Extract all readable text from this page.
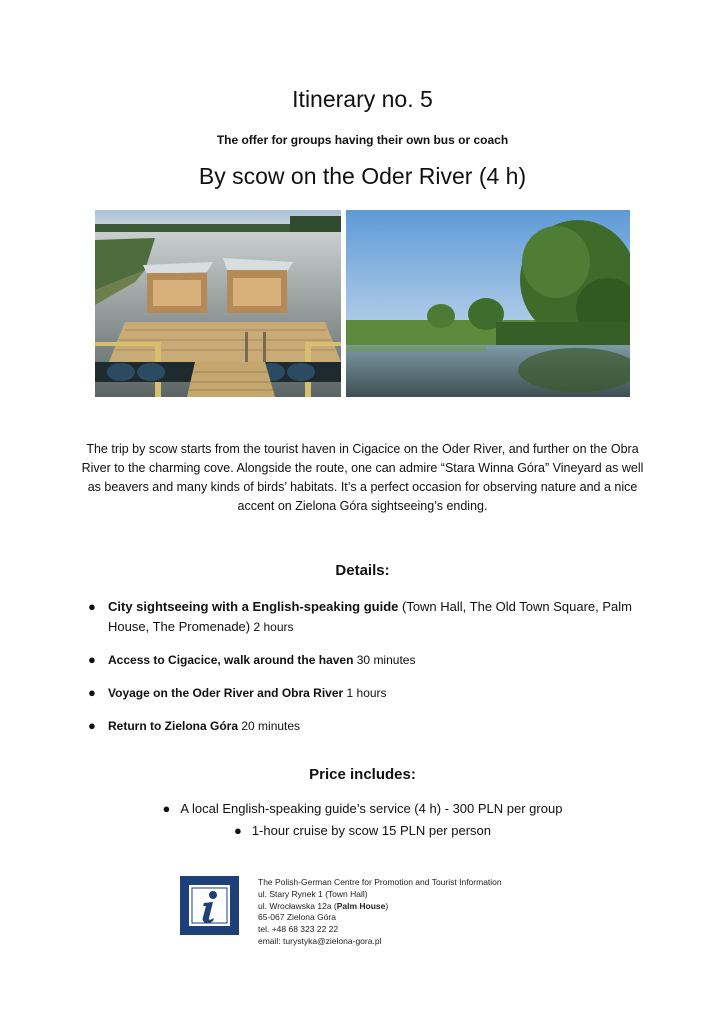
Itinerary no. 5
The offer for groups having their own bus or coach
By scow on the Oder River (4 h)
The trip by scow starts from the tourist haven in Cigacice on the Oder River, and further on the Obra River to the charming cove. Alongside the route, one can admire “Stara Winna Góra” Vineyard as well as beavers and many kinds of birds’ habitats. It’s a perfect occasion for observing nature and a nice accent on Zielona Góra sightseeing’s ending.
Details:
● City sightseeing with a English-speaking guide (Town Hall, The Old Town Square, Palm House, The Promenade) 2 hours
● Access to Cigacice, walk around the haven 30 minutes
● Voyage on the Oder River and Obra River 1 hours
● Return to Zielona Góra 20 minutes
Price includes:
● A local English-speaking guide’s service (4 h) - 300 PLN per group
● 1-hour cruise by scow 15 PLN per person
The Polish-German Centre for Promotion and Tourist Information
ul. Stary Rynek 1 (Town Hall)
ul. Wrocławska 12a (Palm House)
65-067 Zielona Góra
tel. +48 68 323 22 22
email: turystyka@zielona-gora.pl
